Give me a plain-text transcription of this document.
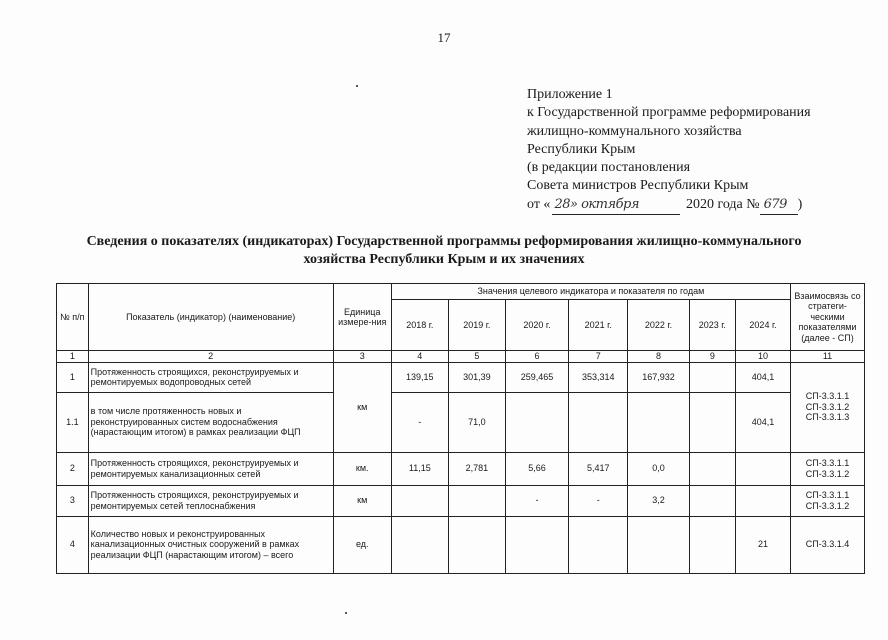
17
Приложение 1
к Государственной программе реформирования
жилищно-коммунального хозяйства
Республики Крым
(в редакции постановления
Совета министров Республики Крым
от « 28» октября	2020 года № 679 )
Сведения о показателях (индикаторах) Государственной программы реформирования жилищно-коммунального
хозяйства Республики Крым и их значениях
№ п/п	Показатель (индикатор) (наименование)	Единица измере-ния	Значения целевого индикатора и показателя по годам							Взаимосвязь со стратеги-ческими показателями (далее - СП)
			2018 г.	2019 г.	2020 г.	2021 г.	2022 г.	2023 г.	2024 г.	
1	2	3	4	5	6	7	8	9	10	11
1	Протяженность строящихся, реконструируемых и ремонтируемых водопроводных сетей	км	139,15	301,39	259,465	353,314	167,932		404,1	СП-3.3.1.1
СП-3.3.1.2
СП-3.3.1.3

1.1	в том числе протяженность новых и реконструированных систем водоснабжения (нарастающим итогом) в рамках реализации ФЦП		-	71,0					404,1	
2	Протяженность строящихся, реконструируемых и ремонтируемых канализационных сетей	км.	11,15	2,781	5,66	5,417	0,0			СП-3.3.1.1
СП-3.3.1.2

3	Протяженность строящихся, реконструируемых и ремонтируемых сетей теплоснабжения	км			-	-	3,2			СП-3.3.1.1
СП-3.3.1.2

4	Количество новых и реконструированных канализационных очистных сооружений в рамках реализации ФЦП (нарастающим итогом) – всего	ед.							21	СП-3.3.1.4
